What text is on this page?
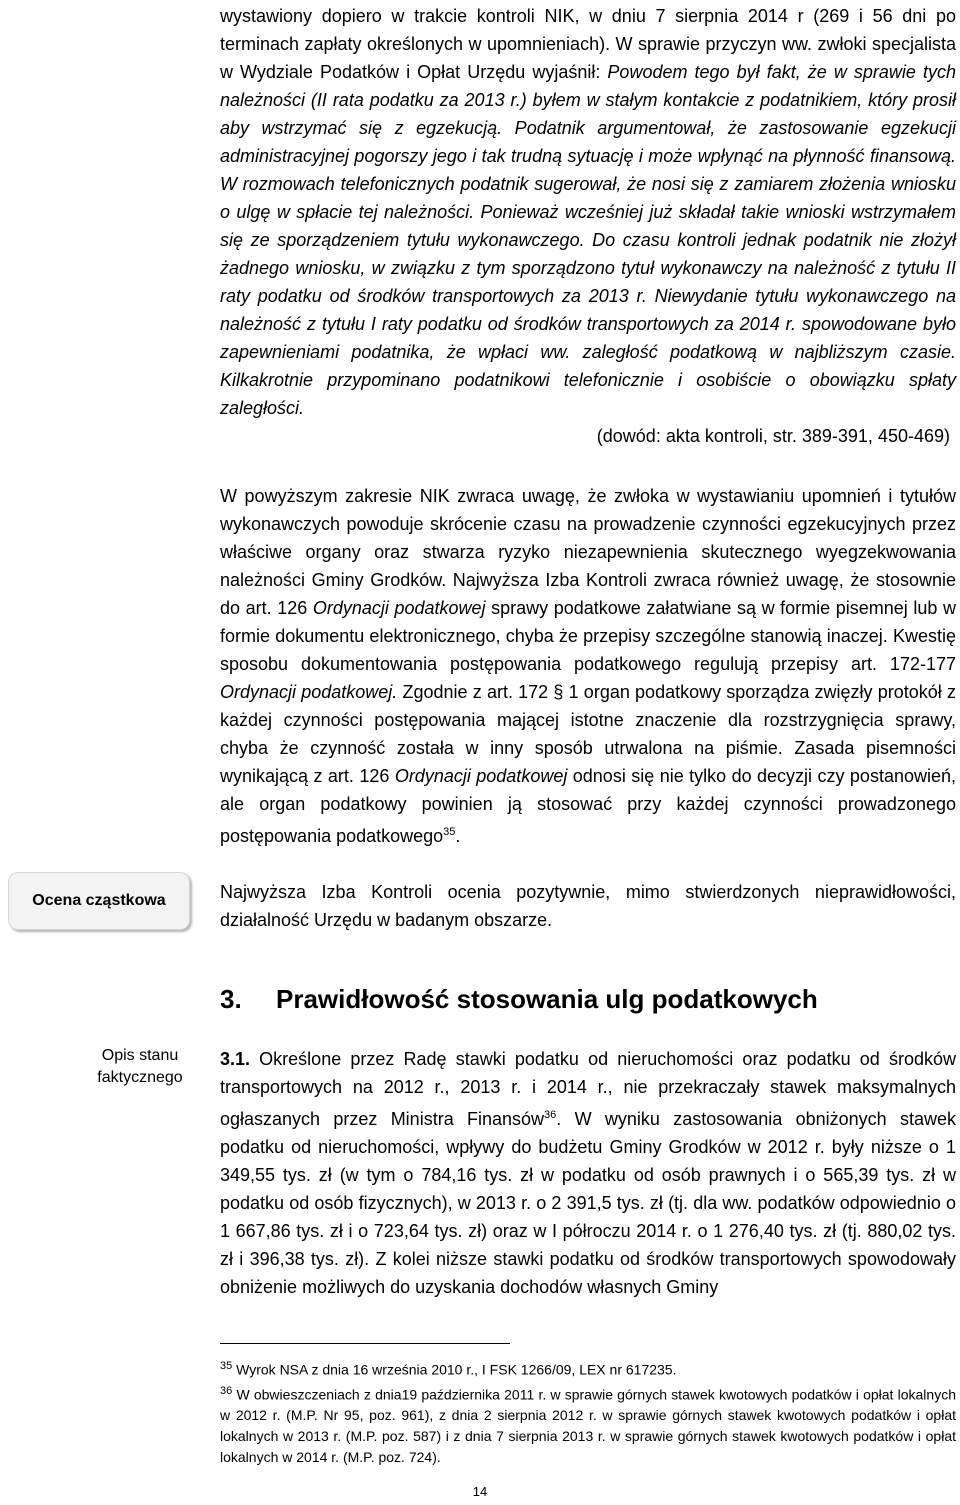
wystawiony dopiero w trakcie kontroli NIK, w dniu 7 sierpnia 2014 r (269 i 56 dni po terminach zapłaty określonych w upomnieniach). W sprawie przyczyn ww. zwłoki specjalista w Wydziale Podatków i Opłat Urzędu wyjaśnił: Powodem tego był fakt, że w sprawie tych należności (II rata podatku za 2013 r.) byłem w stałym kontakcie z podatnikiem, który prosił aby wstrzymać się z egzekucją. Podatnik argumentował, że zastosowanie egzekucji administracyjnej pogorszy jego i tak trudną sytuację i może wpłynąć na płynność finansową. W rozmowach telefonicznych podatnik sugerował, że nosi się z zamiarem złożenia wniosku o ulgę w spłacie tej należności. Ponieważ wcześniej już składał takie wnioski wstrzymałem się ze sporządzeniem tytułu wykonawczego. Do czasu kontroli jednak podatnik nie złożył żadnego wniosku, w związku z tym sporządzono tytuł wykonawczy na należność z tytułu II raty podatku od środków transportowych za 2013 r. Niewydanie tytułu wykonawczego na należność z tytułu I raty podatku od środków transportowych za 2014 r. spowodowane było zapewnieniami podatnika, że wpłaci ww. zaległość podatkową w najbliższym czasie. Kilkakrotnie przypominano podatnikowi telefonicznie i osobiście o obowiązku spłaty zaległości.

(dowód: akta kontroli, str. 389-391, 450-469)

W powyższym zakresie NIK zwraca uwagę, że zwłoka w wystawianiu upomnień i tytułów wykonawczych powoduje skrócenie czasu na prowadzenie czynności egzekucyjnych przez właściwe organy oraz stwarza ryzyko niezapewnienia skutecznego wyegzekwowania należności Gminy Grodków. Najwyższa Izba Kontroli zwraca również uwagę, że stosownie do art. 126 Ordynacji podatkowej sprawy podatkowe załatwiane są w formie pisemnej lub w formie dokumentu elektronicznego, chyba że przepisy szczególne stanowią inaczej. Kwestię sposobu dokumentowania postępowania podatkowego regulują przepisy art. 172-177 Ordynacji podatkowej. Zgodnie z art. 172 § 1 organ podatkowy sporządza zwięzły protokół z każdej czynności postępowania mającej istotne znaczenie dla rozstrzygnięcia sprawy, chyba że czynność została w inny sposób utrwalona na piśmie. Zasada pisemności wynikającą z art. 126 Ordynacji podatkowej odnosi się nie tylko do decyzji czy postanowień, ale organ podatkowy powinien ją stosować przy każdej czynności prowadzonego postępowania podatkowego$^{35}$.

Ocena cząstkowa	Najwyższa Izba Kontroli ocenia pozytywnie, mimo stwierdzonych nieprawidłowości, działalność Urzędu w badanym obszarze.

3. Prawidłowość stosowania ulg podatkowych
Opis stanu faktycznego

3.1. Określone przez Radę stawki podatku od nieruchomości oraz podatku od środków transportowych na 2012 r., 2013 r. i 2014 r., nie przekraczały stawek maksymalnych ogłaszanych przez Ministra Finansów$^{36}$. W wyniku zastosowania obniżonych stawek podatku od nieruchomości, wpływy do budżetu Gminy Grodków w 2012 r. były niższe o 1 349,55 tys. zł (w tym o 784,16 tys. zł w podatku od osób prawnych i o 565,39 tys. zł w podatku od osób fizycznych), w 2013 r. o 2 391,5 tys. zł (tj. dla ww. podatków odpowiednio o 1 667,86 tys. zł i o 723,64 tys. zł) oraz w I półroczu 2014 r. o 1 276,40 tys. zł (tj. 880,02 tys. zł i 396,38 tys. zł). Z kolei niższe stawki podatku od środków transportowych spowodowały obniżenie możliwych do uzyskania dochodów własnych Gminy

$^{35}$ Wyrok NSA z dnia 16 września 2010 r., I FSK 1266/09, LEX nr 617235.

$^{36}$ W obwieszczeniach z dnia19 października 2011 r. w sprawie górnych stawek kwotowych podatków i opłat lokalnych w 2012 r. (M.P. Nr 95, poz. 961), z dnia 2 sierpnia 2012 r. w sprawie górnych stawek kwotowych podatków i opłat lokalnych w 2013 r. (M.P. poz. 587) i z dnia 7 sierpnia 2013 r. w sprawie górnych stawek kwotowych podatków i opłat lokalnych w 2014 r. (M.P. poz. 724).

14
